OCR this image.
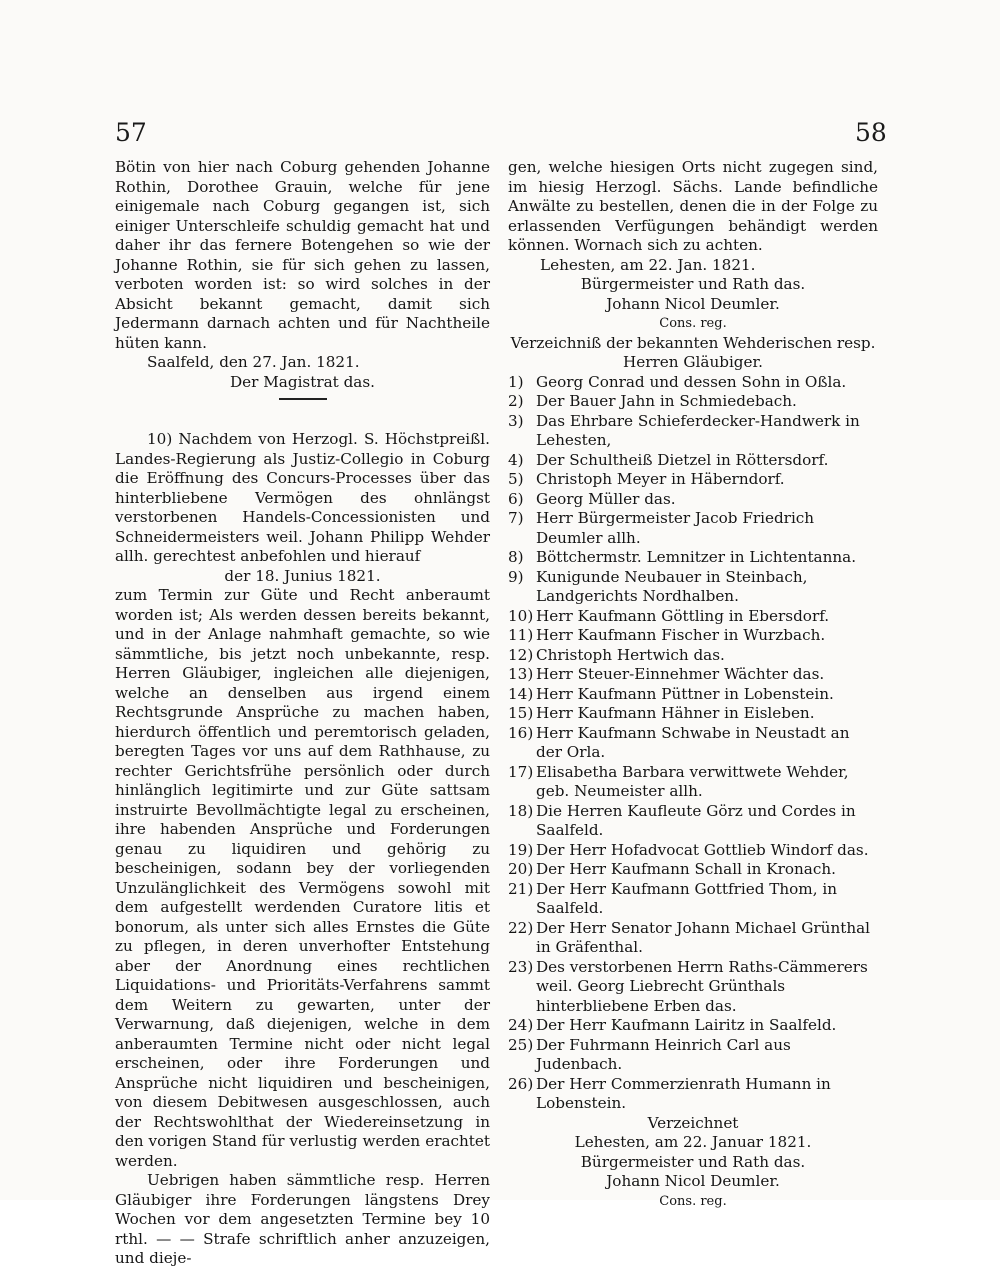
57	58

Bötin von hier nach Coburg gehenden Johanne Rothin, Dorothee Grauin, welche für jene einigemale nach Coburg gegangen ist, sich einiger Unterschleife schuldig gemacht hat und daher ihr das fernere Botengehen so wie der Johanne Rothin, sie für sich gehen zu lassen, verboten worden ist: so wird solches in der Absicht bekannt gemacht, damit sich Jedermann darnach achten und für Nachtheile hüten kann.

Saalfeld, den 27. Jan. 1821.

Der Magistrat das.

10) Nachdem von Herzogl. S. Höchstpreißl. Landes-Regierung als Justiz-Collegio in Coburg die Eröffnung des Concurs-Processes über das hinterbliebene Vermögen des ohnlängst verstorbenen Handels-Concessionisten und Schneidermeisters weil. Johann Philipp Wehder allh. gerechtest anbefohlen und hierauf

der 18. Junius 1821.

zum Termin zur Güte und Recht anberaumt worden ist; Als werden dessen bereits bekannt, und in der Anlage nahmhaft gemachte, so wie sämmtliche, bis jetzt noch unbekannte, resp. Herren Gläubiger, ingleichen alle diejenigen, welche an denselben aus irgend einem Rechtsgrunde Ansprüche zu machen haben, hierdurch öffentlich und peremtorisch geladen, beregten Tages vor uns auf dem Rathhause, zu rechter Gerichtsfrühe persönlich oder durch hinlänglich legitimirte und zur Güte sattsam instruirte Bevollmächtigte legal zu erscheinen, ihre habenden Ansprüche und Forderungen genau zu liquidiren und gehörig zu bescheinigen, sodann bey der vorliegenden Unzulänglichkeit des Vermögens sowohl mit dem aufgestellt werdenden Curatore litis et bonorum, als unter sich alles Ernstes die Güte zu pflegen, in deren unverhofter Entstehung aber der Anordnung eines rechtlichen Liquidations- und Prioritäts-Verfahrens sammt dem Weitern zu gewarten, unter der Verwarnung, daß diejenigen, welche in dem anberaumten Termine nicht oder nicht legal erscheinen, oder ihre Forderungen und Ansprüche nicht liquidiren und bescheinigen, von diesem Debitwesen ausgeschlossen, auch der Rechtswohlthat der Wiedereinsetzung in den vorigen Stand für verlustig werden erachtet werden.

Uebrigen haben sämmtliche resp. Herren Gläubiger ihre Forderungen längstens Drey Wochen vor dem angesetzten Termine bey 10 rthl. — — Strafe schriftlich anher anzuzeigen, und dieje-

gen, welche hiesigen Orts nicht zugegen sind, im hiesig Herzogl. Sächs. Lande befindliche Anwälte zu bestellen, denen die in der Folge zu erlassenden Verfügungen behändigt werden können. Wornach sich zu achten.

Lehesten, am 22. Jan. 1821.

Bürgermeister und Rath das.

Johann Nicol Deumler.

Cons. reg.

Verzeichniß der bekannten Wehderischen resp. Herren Gläubiger.

1) Georg Conrad und dessen Sohn in Oßla.
2) Der Bauer Jahn in Schmiedebach.
3) Das Ehrbare Schieferdecker-Handwerk in Lehesten,
4) Der Schultheiß Dietzel in Röttersdorf.
5) Christoph Meyer in Häberndorf.
6) Georg Müller das.
7) Herr Bürgermeister Jacob Friedrich Deumler allh.
8) Böttchermstr. Lemnitzer in Lichtentanna.
9) Kunigunde Neubauer in Steinbach, Landgerichts Nordhalben.
10) Herr Kaufmann Göttling in Ebersdorf.
11) Herr Kaufmann Fischer in Wurzbach.
12) Christoph Hertwich das.
13) Herr Steuer-Einnehmer Wächter das.
14) Herr Kaufmann Püttner in Lobenstein.
15) Herr Kaufmann Hähner in Eisleben.
16) Herr Kaufmann Schwabe in Neustadt an der Orla.
17) Elisabetha Barbara verwittwete Wehder, geb. Neumeister allh.
18) Die Herren Kaufleute Görz und Cordes in Saalfeld.
19) Der Herr Hofadvocat Gottlieb Windorf das.
20) Der Herr Kaufmann Schall in Kronach.
21) Der Herr Kaufmann Gottfried Thom, in Saalfeld.
22) Der Herr Senator Johann Michael Grünthal in Gräfenthal.
23) Des verstorbenen Herrn Raths-Cämmerers weil. Georg Liebrecht Grünthals hinterbliebene Erben das.
24) Der Herr Kaufmann Lairitz in Saalfeld.
25) Der Fuhrmann Heinrich Carl aus Judenbach.
26) Der Herr Commerzienrath Humann in Lobenstein.

Verzeichnet

Lehesten, am 22. Januar 1821.

Bürgermeister und Rath das.

Johann Nicol Deumler.

Cons. reg.
